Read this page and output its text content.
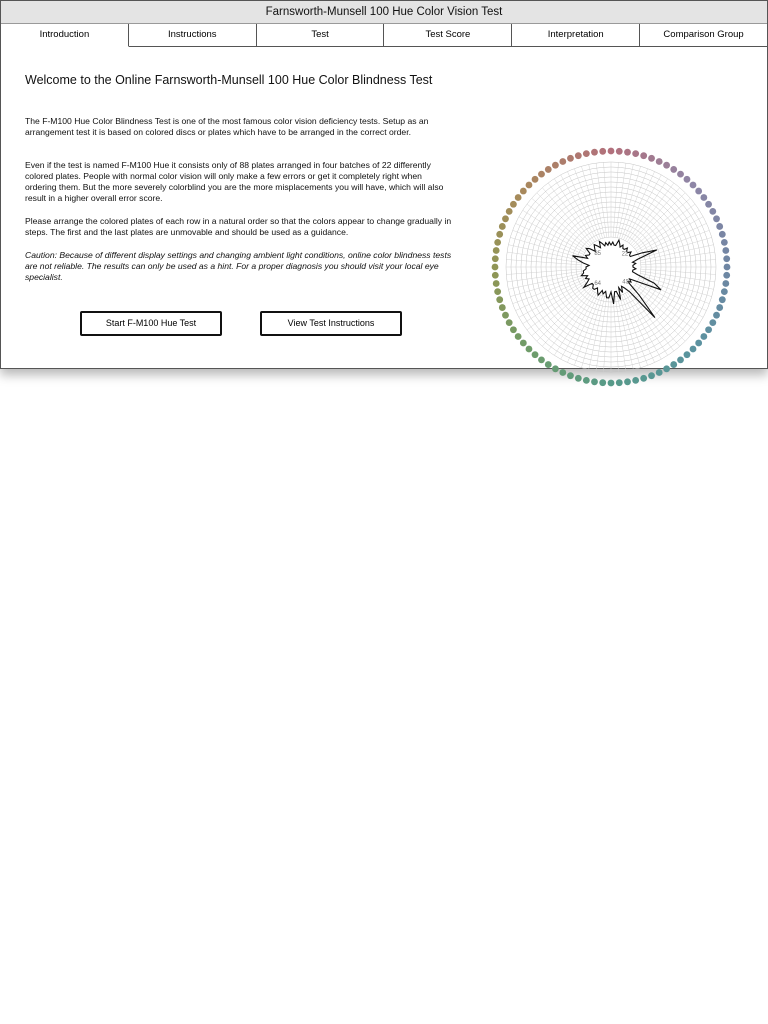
Farnsworth-Munsell 100 Hue Color Vision Test
Introduction	Instructions	Test	Test Score	Interpretation	Comparison Group
Welcome to the Online Farnsworth-Munsell 100 Hue Color Blindness Test

The F-M100 Hue Color Blindness Test is one of the most famous color vision deficiency tests. Setup as an arrangement test it is based on colored discs or plates which have to be arranged in the correct order.

Even if the test is named F-M100 Hue it consists only of 88 plates arranged in four batches of 22 differently colored plates. People with normal color vision will only make a few errors or get it completely right when ordering them. But the more severely colorblind you are the more misplacements you will have, which will also result in a higher overall error score.

Please arrange the colored plates of each row in a natural order so that the colors appear to change gradually in steps. The first and the last plates are unmovable and should be used as a guidance.

Caution: Because of different display settings and changing ambient light conditions, online color blindness tests are not reliable. The results can only be used as a hint. For a proper diagnosis you should visit your local eye specialist.

Start F-M100 Hue Test	View Test Instructions
85	22
43
64
